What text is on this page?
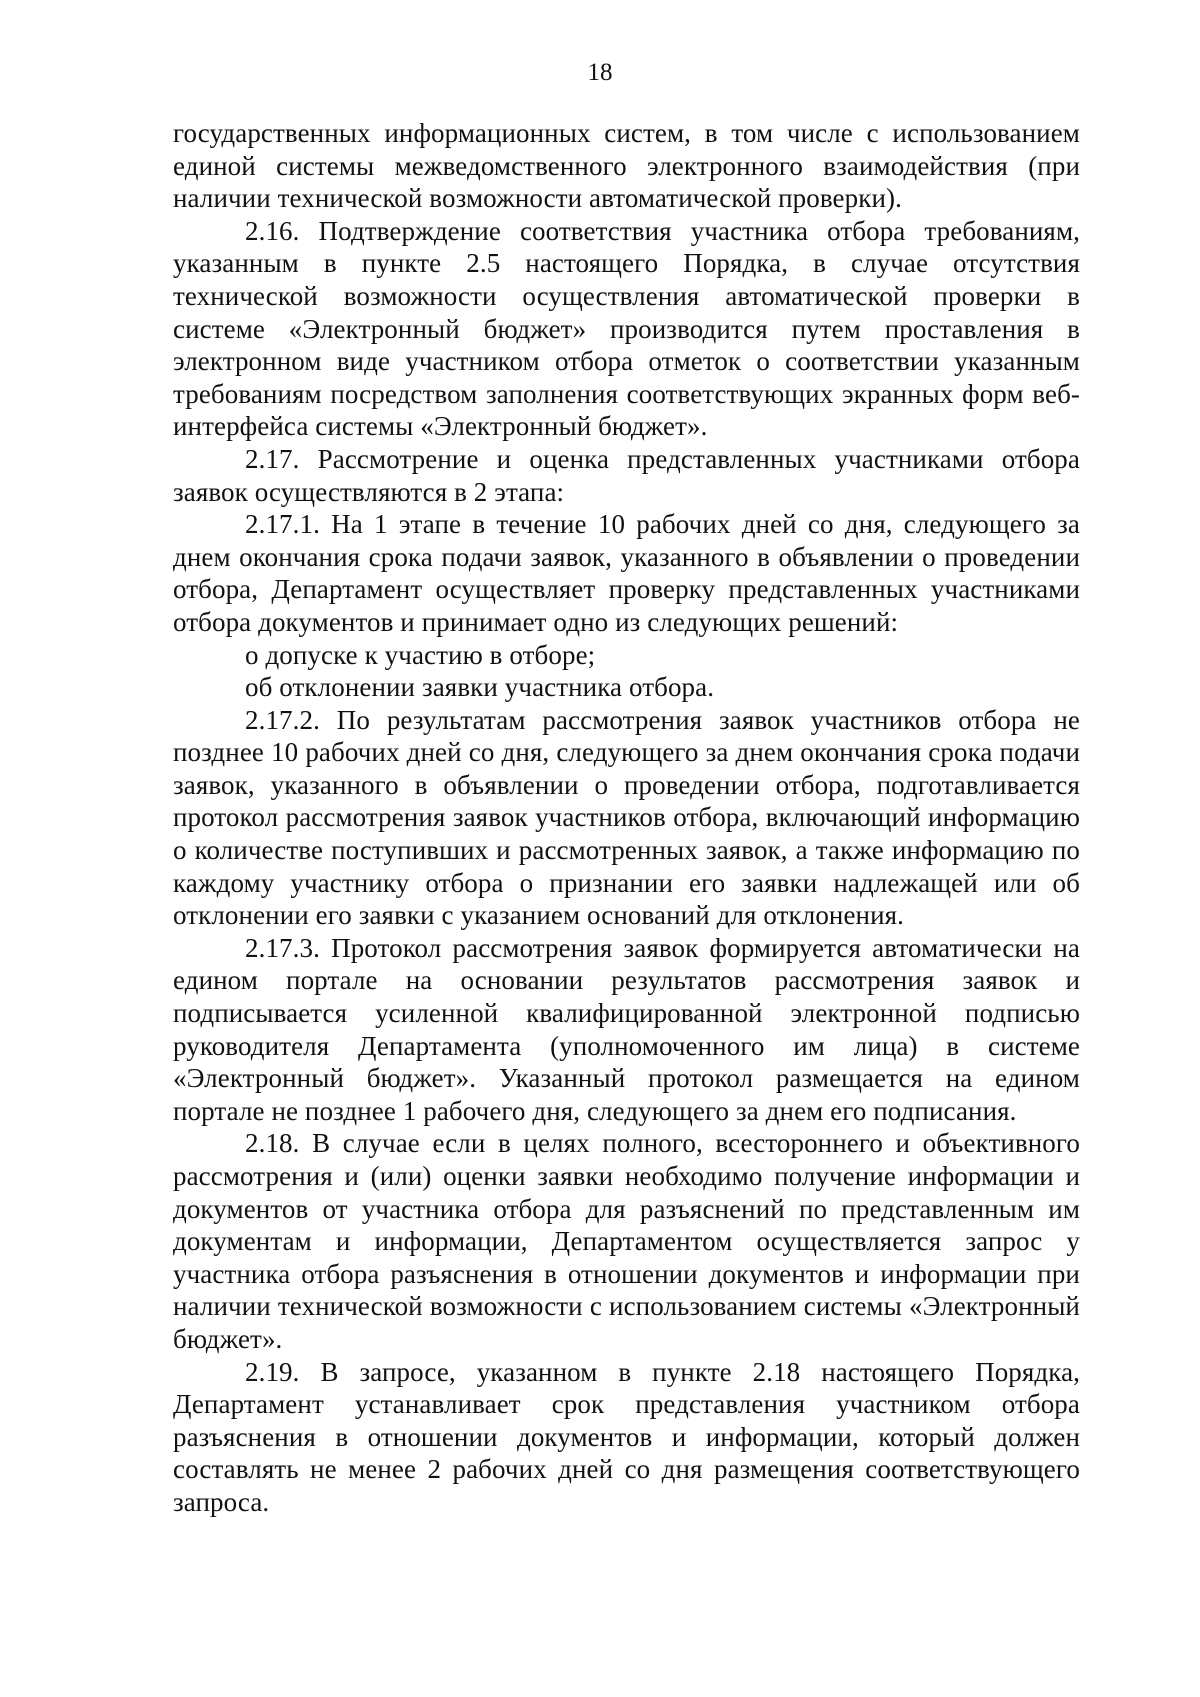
18

государственных информационных систем, в том числе с использованием единой системы межведомственного электронного взаимодействия (при наличии технической возможности автоматической проверки).

2.16. Подтверждение соответствия участника отбора требованиям, указанным в пункте 2.5 настоящего Порядка, в случае отсутствия технической возможности осуществления автоматической проверки в системе «Электронный бюджет» производится путем проставления в электронном виде участником отбора отметок о соответствии указанным требованиям посредством заполнения соответствующих экранных форм веб-интерфейса системы «Электронный бюджет».

2.17. Рассмотрение и оценка представленных участниками отбора заявок осуществляются в 2 этапа:

2.17.1. На 1 этапе в течение 10 рабочих дней со дня, следующего за днем окончания срока подачи заявок, указанного в объявлении о проведении отбора, Департамент осуществляет проверку представленных участниками отбора документов и принимает одно из следующих решений:

о допуске к участию в отборе;

об отклонении заявки участника отбора.

2.17.2. По результатам рассмотрения заявок участников отбора не позднее 10 рабочих дней со дня, следующего за днем окончания срока подачи заявок, указанного в объявлении о проведении отбора, подготавливается протокол рассмотрения заявок участников отбора, включающий информацию о количестве поступивших и рассмотренных заявок, а также информацию по каждому участнику отбора о признании его заявки надлежащей или об отклонении его заявки с указанием оснований для отклонения.

2.17.3. Протокол рассмотрения заявок формируется автоматически на едином портале на основании результатов рассмотрения заявок и подписывается усиленной квалифицированной электронной подписью руководителя Департамента (уполномоченного им лица) в системе «Электронный бюджет». Указанный протокол размещается на едином портале не позднее 1 рабочего дня, следующего за днем его подписания.

2.18. В случае если в целях полного, всестороннего и объективного рассмотрения и (или) оценки заявки необходимо получение информации и документов от участника отбора для разъяснений по представленным им документам и информации, Департаментом осуществляется запрос у участника отбора разъяснения в отношении документов и информации при наличии технической возможности с использованием системы «Электронный бюджет».

2.19. В запросе, указанном в пункте 2.18 настоящего Порядка, Департамент устанавливает срок представления участником отбора разъяснения в отношении документов и информации, который должен составлять не менее 2 рабочих дней со дня размещения соответствующего запроса.
